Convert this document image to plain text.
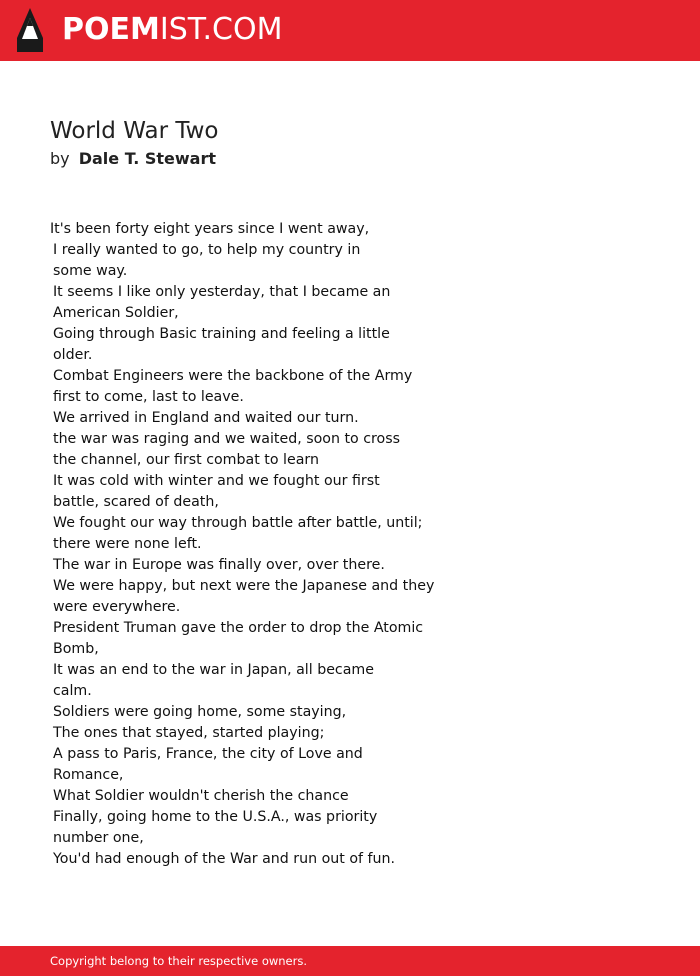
POEMIST.COM
World War Two
by Dale T. Stewart
It's been forty eight years since I went away,
I really wanted to go, to help my country in
some way.
It seems I like only yesterday, that I became an
American Soldier,
Going through Basic training and feeling a little
older.
Combat Engineers were the backbone of the Army
first to come, last to leave.
We arrived in England and waited our turn.
the war was raging and we waited, soon to cross
the channel, our first combat to learn
It was cold with winter and we fought our first
battle, scared of death,
We fought our way through battle after battle, until;
there were none left.
The war in Europe was finally over, over there.
We were happy, but next were the Japanese and they
were everywhere.
President Truman gave the order to drop the Atomic
Bomb,
It was an end to the war in Japan, all became
calm.
Soldiers were going home, some staying,
The ones that stayed, started playing;
A pass to Paris, France, the city of Love and
Romance,
What Soldier wouldn't cherish the chance
Finally, going home to the U.S.A., was priority
number one,
You'd had enough of the War and run out of fun.
Copyright belong to their respective owners.
